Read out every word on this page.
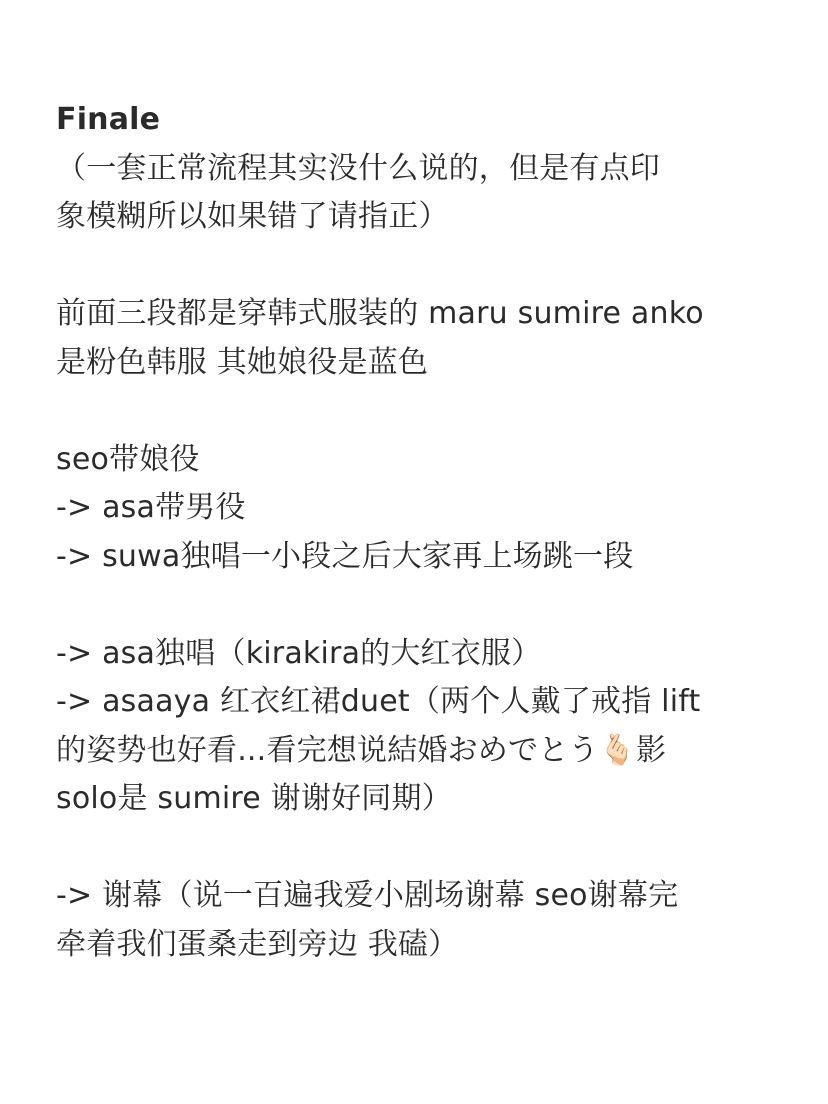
Finale
（一套正常流程其实没什么说的，但是有点印
象模糊所以如果错了请指正）
前面三段都是穿韩式服装的 maru sumire anko
是粉色韩服 其她娘役是蓝色
seo带娘役
-> asa带男役
-> suwa独唱一小段之后大家再上场跳一段
-> asa独唱（kirakira的大红衣服）
-> asaaya 红衣红裙duet（两个人戴了戒指 lift
的姿势也好看...看完想说結婚おめでとう🫰🏻影
solo是 sumire 谢谢好同期）
-> 谢幕（说一百遍我爱小剧场谢幕 seo谢幕完
牵着我们蛋桑走到旁边 我磕）
